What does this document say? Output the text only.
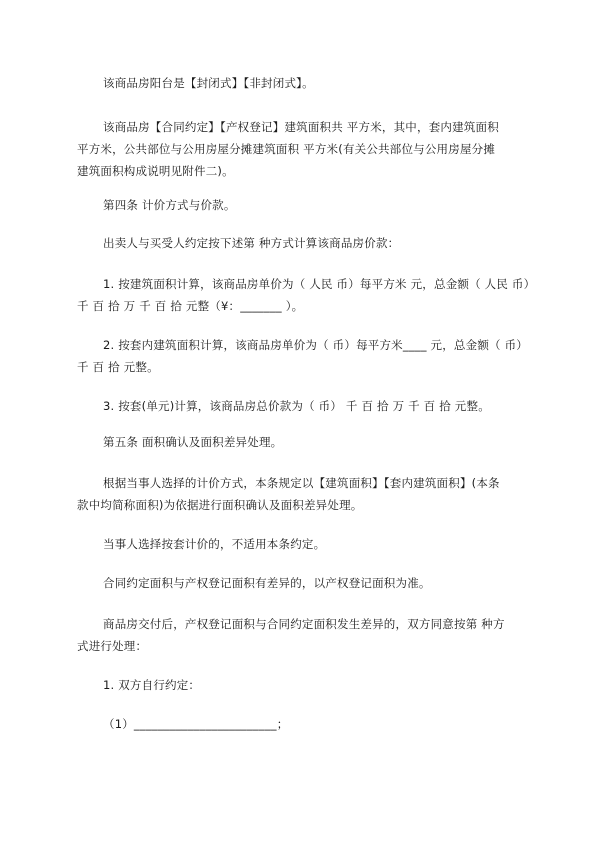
该商品房阳台是【封闭式】【非封闭式】。

该商品房【合同约定】【产权登记】建筑面积共 平方米，其中，套内建筑面积
平方米，公共部位与公用房屋分摊建筑面积 平方米(有关公共部位与公用房屋分摊
建筑面积构成说明见附件二)。

第四条 计价方式与价款。

出卖人与买受人约定按下述第 种方式计算该商品房价款：

1. 按建筑面积计算，该商品房单价为（ 人民 币）每平方米 元，总金额（ 人民 币）
千 百 拾 万 千 百 拾 元整（¥：_______ ）。

2. 按套内建筑面积计算，该商品房单价为（ 币）每平方米____ 元，总金额（ 币）
千 百 拾 元整。

3. 按套(单元)计算，该商品房总价款为（ 币） 千 百 拾 万 千 百 拾 元整。

第五条 面积确认及面积差异处理。

根据当事人选择的计价方式，本条规定以【建筑面积】【套内建筑面积】(本条
款中均简称面积)为依据进行面积确认及面积差异处理。

当事人选择按套计价的，不适用本条约定。

合同约定面积与产权登记面积有差异的，以产权登记面积为准。

商品房交付后，产权登记面积与合同约定面积发生差异的，双方同意按第 种方
式进行处理：

1. 双方自行约定：

（1）________________________；
